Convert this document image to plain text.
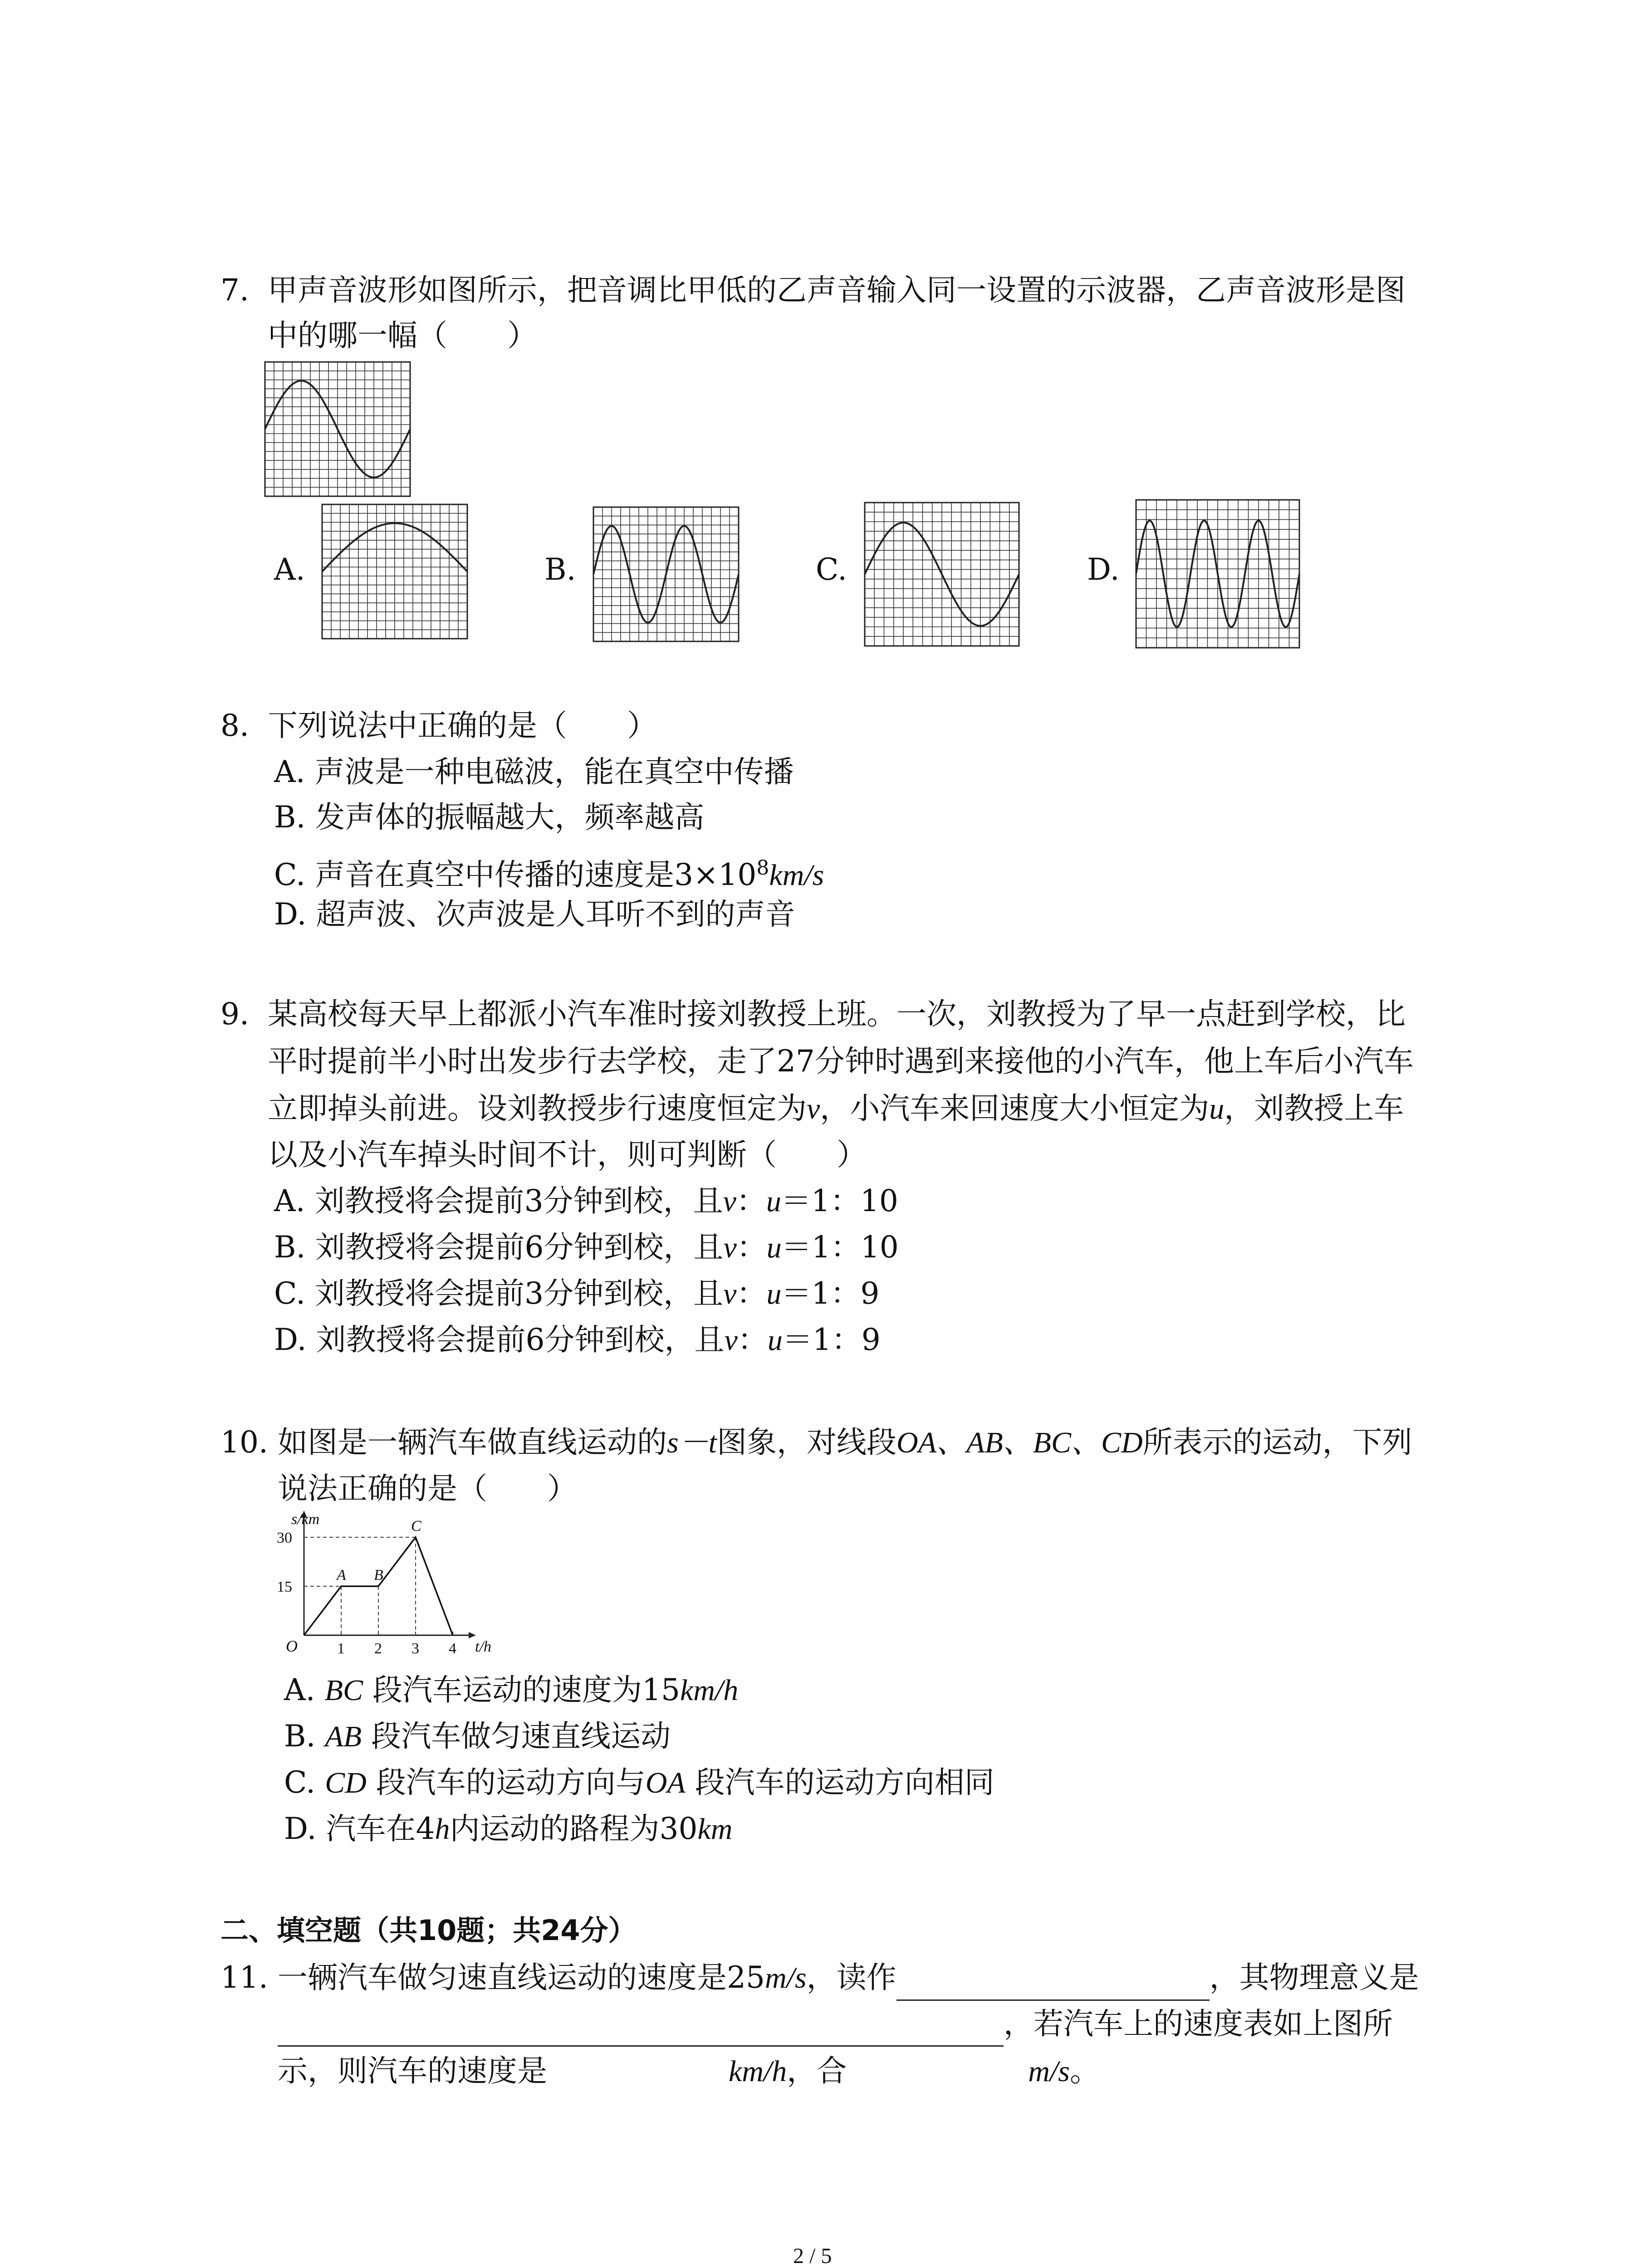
7. 甲声音波形如图所示，把音调比甲低的乙声音输入同一设置的示波器，乙声音波形是图
中的哪一幅（　　）
A.	B.	C.	D.
8. 下列说法中正确的是（　　）
A. 声波是一种电磁波，能在真空中传播
B. 发声体的振幅越大，频率越高
C. 声音在真空中传播的速度是$3\times 10^8km/s$
D. 超声波、次声波是人耳听不到的声音
9. 某高校每天早上都派小汽车准时接刘教授上班。一次，刘教授为了早一点赶到学校，比
平时提前半小时出发步行去学校，走了27分钟时遇到来接他的小汽车，他上车后小汽车
立即掉头前进。设刘教授步行速度恒定为v，小汽车来回速度大小恒定为u，刘教授上车
以及小汽车掉头时间不计，则可判断（　　）
A. 刘教授将会提前3分钟到校，且v：u＝1：10
B. 刘教授将会提前6分钟到校，且v：u＝1：10
C. 刘教授将会提前3分钟到校，且v：u＝1：9
D. 刘教授将会提前6分钟到校，且v：u＝1：9
10. 如图是一辆汽车做直线运动的s－t图象，对线段OA、AB、BC、CD所表示的运动，下列
说法正确的是（　　）
s/km
t/h
O	1 2 3 4
15
30
A B
C
A. BC 段汽车运动的速度为15km/h
B. AB 段汽车做匀速直线运动
C. CD 段汽车的运动方向与OA 段汽车的运动方向相同
D. 汽车在4h内运动的路程为30km
二、填空题（共10题；共24分）
11. 一辆汽车做匀速直线运动的速度是25m/s，读作	，其物理意义是
，若汽车上的速度表如上图所
示，则汽车的速度是	km/h，合	m/s。
2 / 5
